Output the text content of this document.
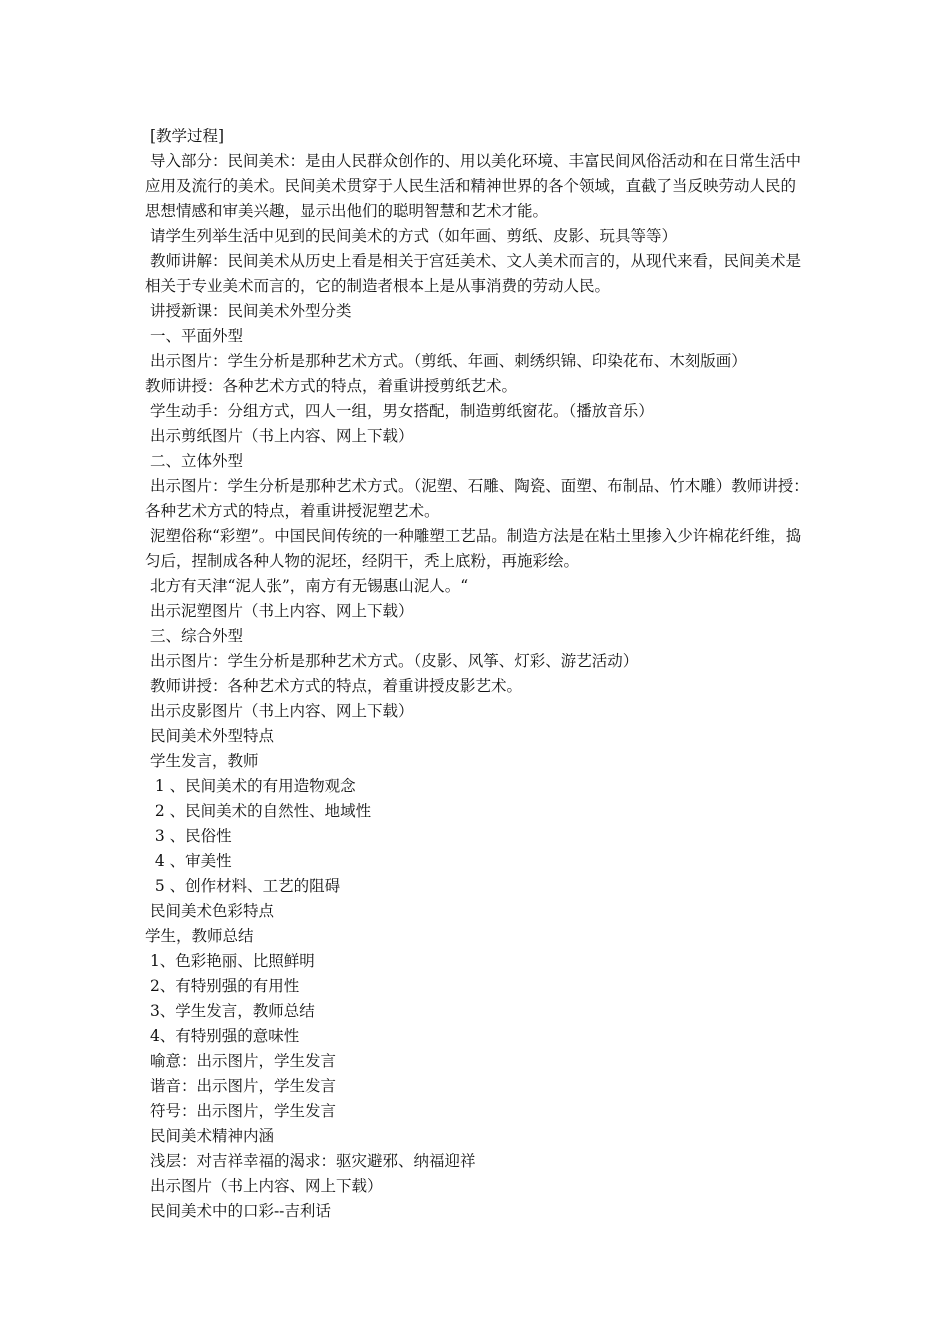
[教学过程]

导入部分：民间美术：是由人民群众创作的、用以美化环境、丰富民间风俗活动和在日常生活中应用及流行的美术。民间美术贯穿于人民生活和精神世界的各个领域，直截了当反映劳动人民的思想情感和审美兴趣，显示出他们的聪明智慧和艺术才能。

请学生列举生活中见到的民间美术的方式（如年画、剪纸、皮影、玩具等等）

教师讲解：民间美术从历史上看是相关于宫廷美术、文人美术而言的，从现代来看，民间美术是相关于专业美术而言的，它的制造者根本上是从事消费的劳动人民。

讲授新课：民间美术外型分类

一、平面外型

出示图片：学生分析是那种艺术方式。（剪纸、年画、刺绣织锦、印染花布、木刻版画）

教师讲授：各种艺术方式的特点，着重讲授剪纸艺术。

学生动手：分组方式，四人一组，男女搭配，制造剪纸窗花。（播放音乐）

出示剪纸图片（书上内容、网上下载）

二、立体外型

出示图片：学生分析是那种艺术方式。（泥塑、石雕、陶瓷、面塑、布制品、竹木雕）教师讲授：各种艺术方式的特点，着重讲授泥塑艺术。

泥塑俗称“彩塑”。中国民间传统的一种雕塑工艺品。制造方法是在粘土里掺入少许棉花纤维，捣匀后，捏制成各种人物的泥坯，经阴干，秃上底粉，再施彩绘。

北方有天津“泥人张”，南方有无锡惠山泥人。“

出示泥塑图片（书上内容、网上下载）

三、综合外型

出示图片：学生分析是那种艺术方式。（皮影、风筝、灯彩、游艺活动）

教师讲授：各种艺术方式的特点，着重讲授皮影艺术。

出示皮影图片（书上内容、网上下载）

民间美术外型特点

学生发言，教师

1 、民间美术的有用造物观念

2 、民间美术的自然性、地域性

3 、民俗性

4 、审美性

5 、创作材料、工艺的阻碍

民间美术色彩特点

学生，教师总结

1、色彩艳丽、比照鲜明

2、有特别强的有用性

3、学生发言，教师总结

4、有特别强的意味性

喻意：出示图片，学生发言

谐音：出示图片，学生发言

符号：出示图片，学生发言

民间美术精神内涵

浅层：对吉祥幸福的渴求：驱灾避邪、纳福迎祥

出示图片（书上内容、网上下载）

民间美术中的口彩--吉利话
